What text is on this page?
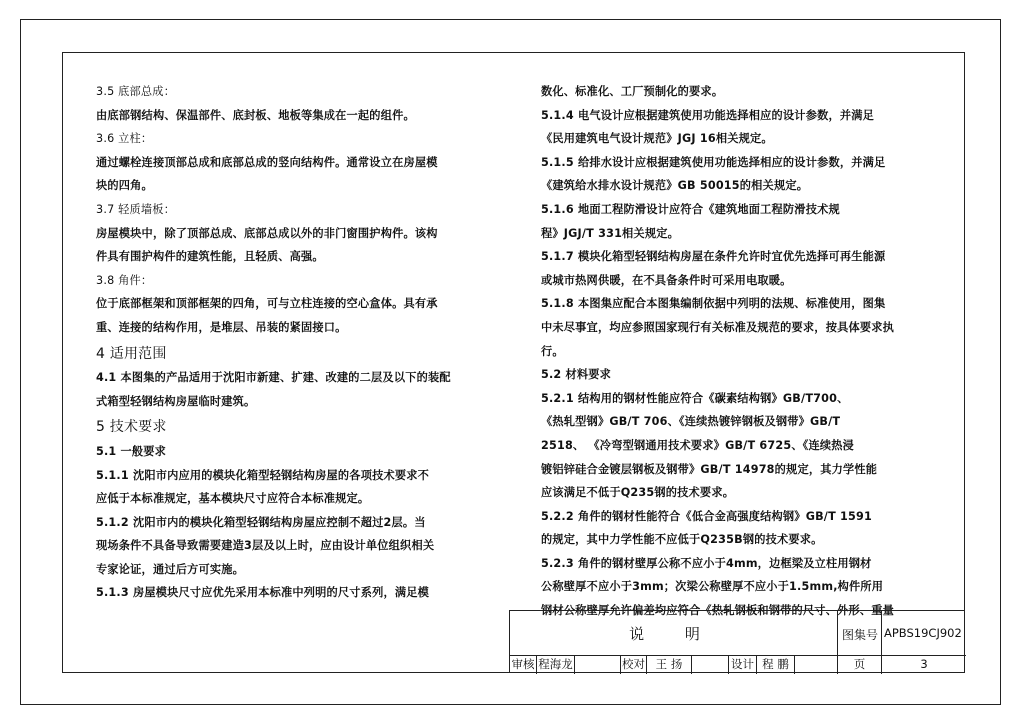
3.5 底部总成：
由底部钢结构、保温部件、底封板、地板等集成在一起的组件。
3.6 立柱：
通过螺栓连接顶部总成和底部总成的竖向结构件。通常设立在房屋模
块的四角。
3.7 轻质墙板：
房屋模块中，除了顶部总成、底部总成以外的非门窗围护构件。该构
件具有围护构件的建筑性能，且轻质、高强。
3.8 角件：
位于底部框架和顶部框架的四角，可与立柱连接的空心盒体。具有承
重、连接的结构作用，是堆层、吊装的紧固接口。
4 适用范围
4.1 本图集的产品适用于沈阳市新建、扩建、改建的二层及以下的装配
式箱型轻钢结构房屋临时建筑。
5 技术要求
5.1 一般要求
5.1.1 沈阳市内应用的模块化箱型轻钢结构房屋的各项技术要求不
应低于本标准规定，基本模块尺寸应符合本标准规定。
5.1.2 沈阳市内的模块化箱型轻钢结构房屋应控制不超过2层。当
现场条件不具备导致需要建造3层及以上时，应由设计单位组织相关
专家论证，通过后方可实施。
5.1.3 房屋模块尺寸应优先采用本标准中列明的尺寸系列，满足模
数化、标准化、工厂预制化的要求。
5.1.4 电气设计应根据建筑使用功能选择相应的设计参数，并满足
《民用建筑电气设计规范》JGJ 16相关规定。
5.1.5 给排水设计应根据建筑使用功能选择相应的设计参数，并满足
《建筑给水排水设计规范》GB 50015的相关规定。
5.1.6 地面工程防滑设计应符合《建筑地面工程防滑技术规
程》JGJ/T 331相关规定。
5.1.7 模块化箱型轻钢结构房屋在条件允许时宜优先选择可再生能源
或城市热网供暖，在不具备条件时可采用电取暖。
5.1.8 本图集应配合本图集编制依据中列明的法规、标准使用，图集
中未尽事宜，均应参照国家现行有关标准及规范的要求，按具体要求执
行。
5.2 材料要求
5.2.1 结构用的钢材性能应符合《碳素结构钢》GB/T700、
《热轧型钢》GB/T 706、《连续热镀锌钢板及钢带》GB/T
2518、 《冷弯型钢通用技术要求》GB/T 6725、《连续热浸
镀铝锌硅合金镀层钢板及钢带》GB/T 14978的规定，其力学性能
应该满足不低于Q235钢的技术要求。
5.2.2 角件的钢材性能符合《低合金高强度结构钢》GB/T 1591
的规定，其中力学性能不应低于Q235B钢的技术要求。
5.2.3 角件的钢材壁厚公称不应小于4mm，边框梁及立柱用钢材
公称壁厚不应小于3mm；次梁公称壁厚不应小于1.5mm,构件所用
钢材公称壁厚允许偏差均应符合《热轧钢板和钢带的尺寸、外形、重量
说 明	图集号 APBS19CJ902
审核 程海龙	校对 王 扬	设计 程 鹏	页	3
